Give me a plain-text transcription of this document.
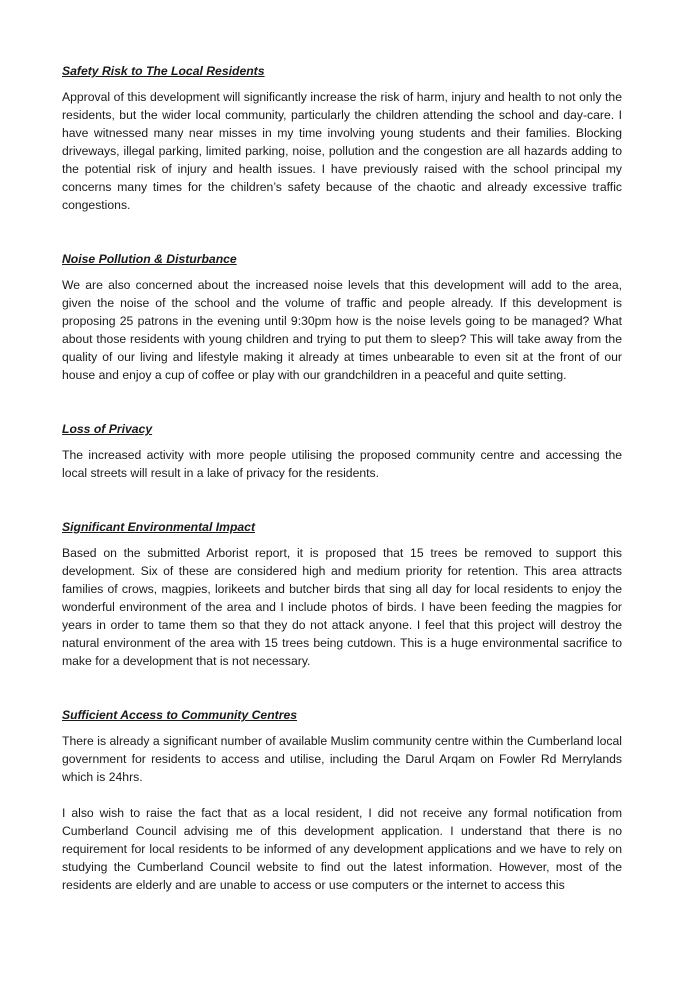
Safety Risk to The Local Residents

Approval of this development will significantly increase the risk of harm, injury and health to not only the residents, but the wider local community, particularly the children attending the school and day-care. I have witnessed many near misses in my time involving young students and their families. Blocking driveways, illegal parking, limited parking, noise, pollution and the congestion are all hazards adding to the potential risk of injury and health issues. I have previously raised with the school principal my concerns many times for the children’s safety because of the chaotic and already excessive traffic congestions.

Noise Pollution & Disturbance

We are also concerned about the increased noise levels that this development will add to the area, given the noise of the school and the volume of traffic and people already. If this development is proposing 25 patrons in the evening until 9:30pm how is the noise levels going to be managed? What about those residents with young children and trying to put them to sleep? This will take away from the quality of our living and lifestyle making it already at times unbearable to even sit at the front of our house and enjoy a cup of coffee or play with our grandchildren in a peaceful and quite setting.

Loss of Privacy

The increased activity with more people utilising the proposed community centre and accessing the local streets will result in a lake of privacy for the residents.

Significant Environmental Impact

Based on the submitted Arborist report, it is proposed that 15 trees be removed to support this development. Six of these are considered high and medium priority for retention. This area attracts families of crows, magpies, lorikeets and butcher birds that sing all day for local residents to enjoy the wonderful environment of the area and I include photos of birds. I have been feeding the magpies for years in order to tame them so that they do not attack anyone. I feel that this project will destroy the natural environment of the area with 15 trees being cutdown. This is a huge environmental sacrifice to make for a development that is not necessary.

Sufficient Access to Community Centres

There is already a significant number of available Muslim community centre within the Cumberland local government for residents to access and utilise, including the Darul Arqam on Fowler Rd Merrylands which is 24hrs.

I also wish to raise the fact that as a local resident, I did not receive any formal notification from Cumberland Council advising me of this development application. I understand that there is no requirement for local residents to be informed of any development applications and we have to rely on studying the Cumberland Council website to find out the latest information. However, most of the residents are elderly and are unable to access or use computers or the internet to access this
